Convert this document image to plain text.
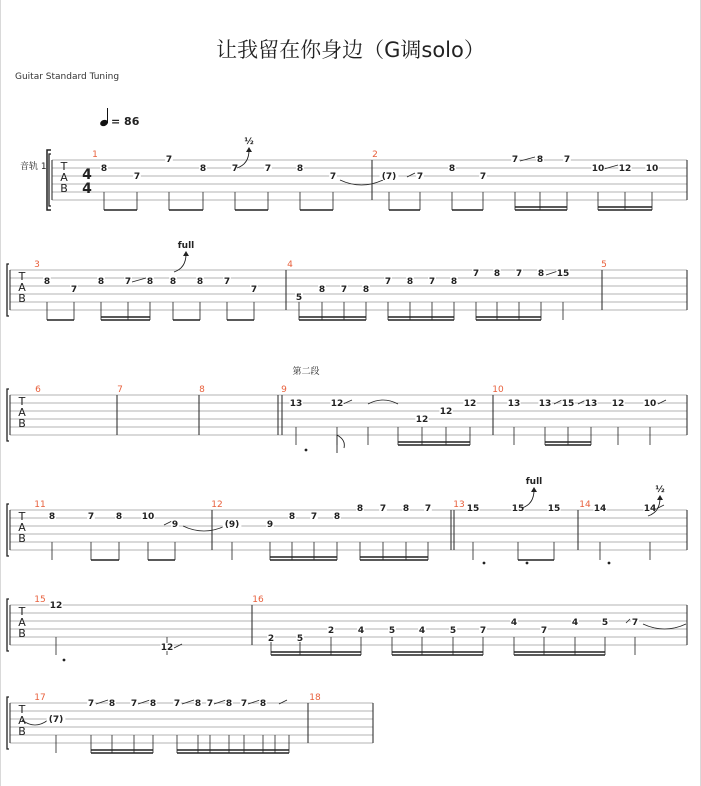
让我留在你身边（G调solo）
Guitar Standard Tuning
= 86
音轨 1 T
A
B
4
4
1	2
8
7
7
8	7	7	8
7	(7) 7
8
7
7 8 7
10 12 10
½
T
A
B
3	4	5
8
7
8 7 8 8 8 7
7
5
8 7 8
7 8 7 8
7 8 7 8 15
full
T
A
B
6	7	8	9	10
13	12
12
12
12	13 13 15 13 12 10
第二段
T
A
B
11	12	13	14
8	7 8 10
9	(9)	9
8 7 8
8 7 8 7	15	15	15	14	14
full
½
T
A
B
15	16
12
12
2	5
2	4	5	4	5	7
4
7
4	5	7
T
A
B
17	18
(7)
7 8 7 8 7 8 7 8 7 8
